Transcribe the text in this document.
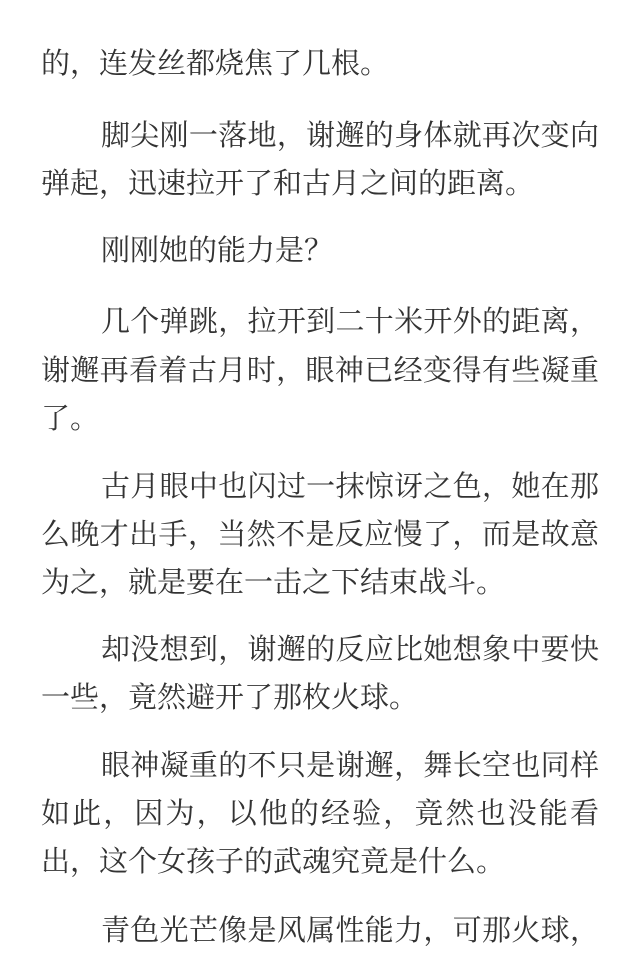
的，连发丝都烧焦了几根。
脚尖刚一落地，谢邂的身体就再次变向
弹起，迅速拉开了和古月之间的距离。
刚刚她的能力是？
几个弹跳，拉开到二十米开外的距离，
谢邂再看着古月时，眼神已经变得有些凝重
了。
古月眼中也闪过一抹惊讶之色，她在那
么晚才出手，当然不是反应慢了，而是故意
为之，就是要在一击之下结束战斗。
却没想到，谢邂的反应比她想象中要快
一些，竟然避开了那枚火球。
眼神凝重的不只是谢邂，舞长空也同样
如此，因为，以他的经验，竟然也没能看
出，这个女孩子的武魂究竟是什么。
青色光芒像是风属性能力，可那火球，
